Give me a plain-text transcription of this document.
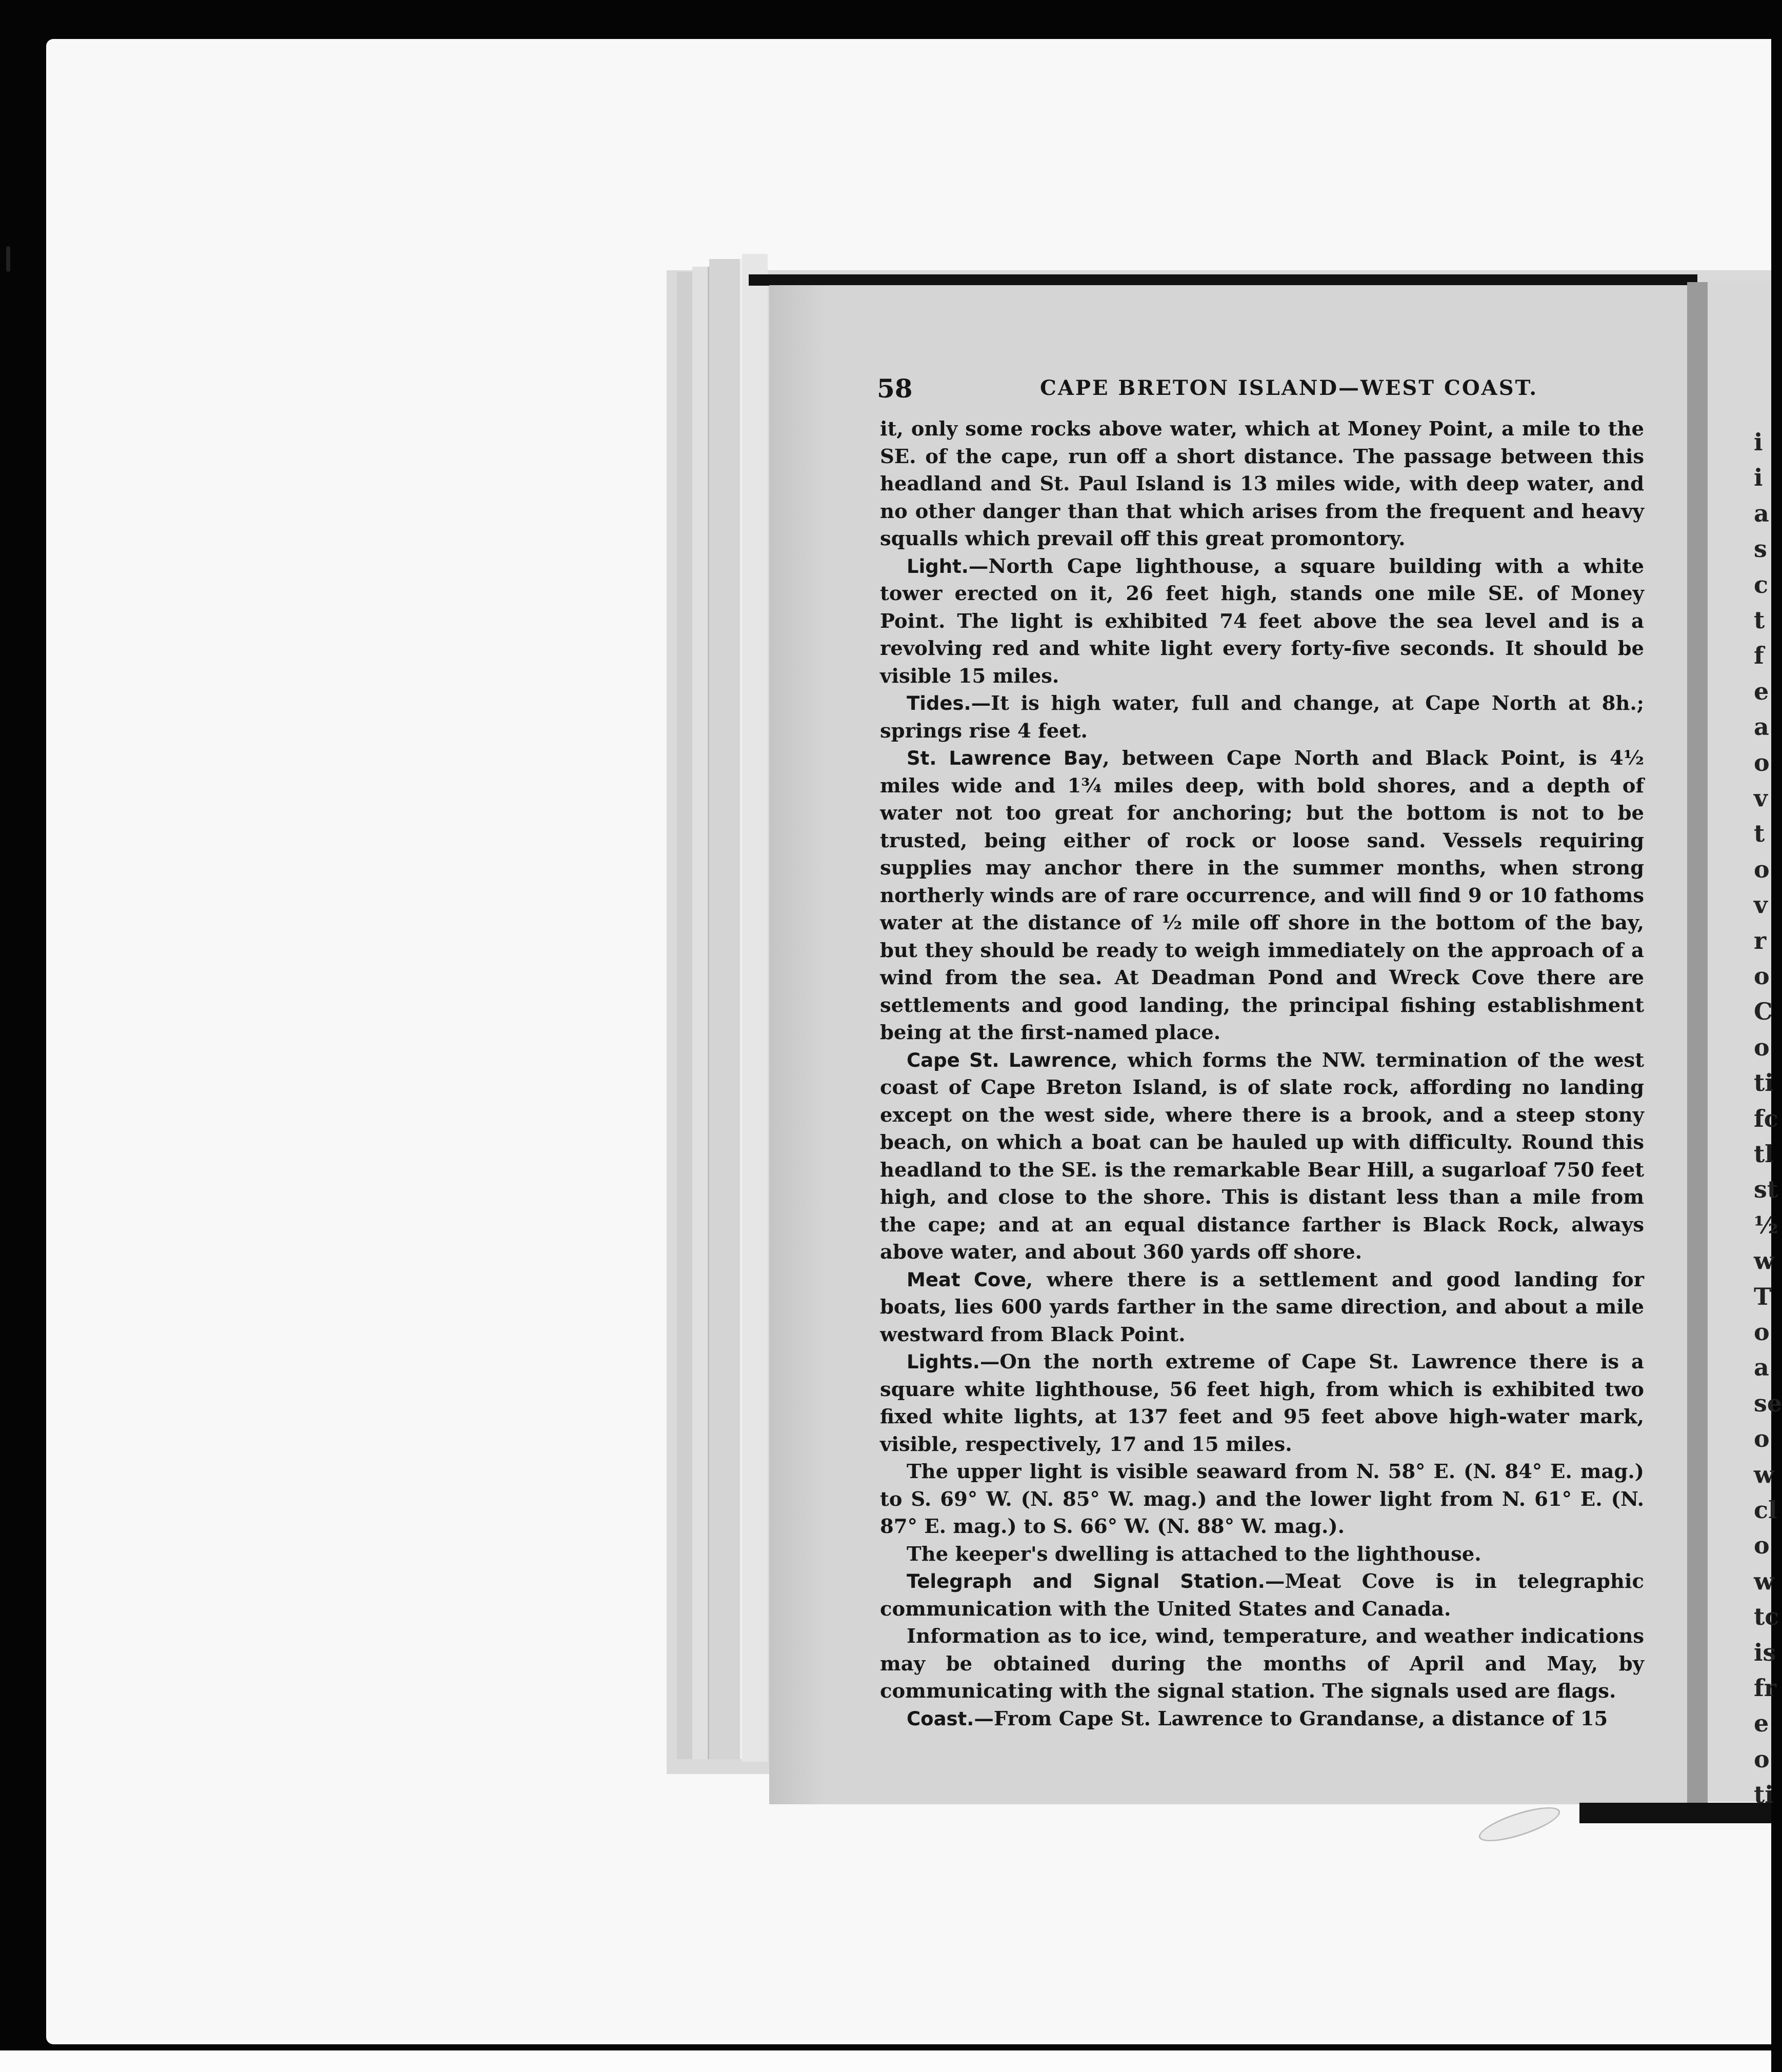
i
i
a
s
c
t
f
e
a
o
v
t
o
v
r
o
C
o
ti
fc
tl
st
½
w
T
o
a
se
o
w
cl
o
w
tc
is
fr
e
o
ti
58	CAPE BRETON ISLAND—WEST COAST.

it, only some rocks above water, which at Money Point, a mile to the SE. of the cape, run off a short distance. The passage between this headland and St. Paul Island is 13 miles wide, with deep water, and no other danger than that which arises from the frequent and heavy squalls which prevail off this great promontory.

Light.—North Cape lighthouse, a square building with a white tower erected on it, 26 feet high, stands one mile SE. of Money Point. The light is exhibited 74 feet above the sea level and is a revolving red and white light every forty-five seconds. It should be visible 15 miles.

Tides.—It is high water, full and change, at Cape North at 8h.; springs rise 4 feet.

St. Lawrence Bay, between Cape North and Black Point, is 4½ miles wide and 1¾ miles deep, with bold shores, and a depth of water not too great for anchoring; but the bottom is not to be trusted, being either of rock or loose sand. Vessels requiring supplies may anchor there in the summer months, when strong northerly winds are of rare occurrence, and will find 9 or 10 fathoms water at the distance of ½ mile off shore in the bottom of the bay, but they should be ready to weigh immediately on the approach of a wind from the sea. At Deadman Pond and Wreck Cove there are settlements and good landing, the principal fishing establishment being at the first-named place.

Cape St. Lawrence, which forms the NW. termination of the west coast of Cape Breton Island, is of slate rock, affording no landing except on the west side, where there is a brook, and a steep stony beach, on which a boat can be hauled up with difficulty. Round this headland to the SE. is the remarkable Bear Hill, a sugarloaf 750 feet high, and close to the shore. This is distant less than a mile from the cape; and at an equal distance farther is Black Rock, always above water, and about 360 yards off shore.

Meat Cove, where there is a settlement and good landing for boats, lies 600 yards farther in the same direction, and about a mile westward from Black Point.

Lights.—On the north extreme of Cape St. Lawrence there is a square white lighthouse, 56 feet high, from which is exhibited two fixed white lights, at 137 feet and 95 feet above high-water mark, visible, respectively, 17 and 15 miles.

The upper light is visible seaward from N. 58° E. (N. 84° E. mag.) to S. 69° W. (N. 85° W. mag.) and the lower light from N. 61° E. (N. 87° E. mag.) to S. 66° W. (N. 88° W. mag.).

The keeper's dwelling is attached to the lighthouse.

Telegraph and Signal Station.—Meat Cove is in telegraphic communication with the United States and Canada.

Information as to ice, wind, temperature, and weather indications may be obtained during the months of April and May, by communicating with the signal station. The signals used are flags.

Coast.—From Cape St. Lawrence to Grandanse, a distance of 15
